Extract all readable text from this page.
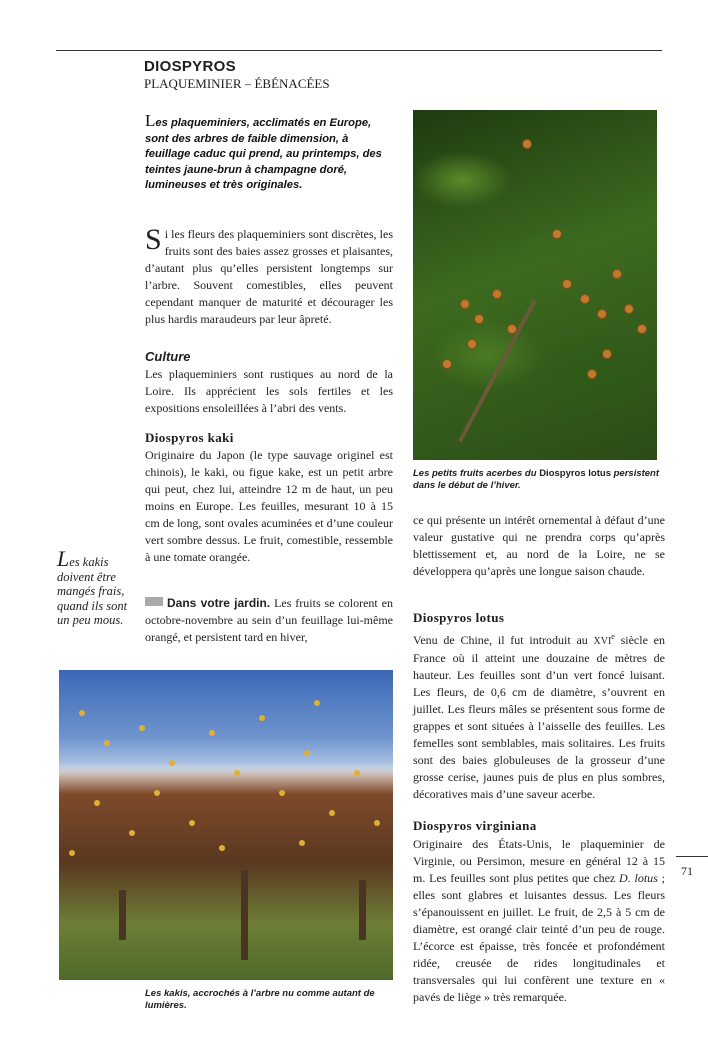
DIOSPYROS
PLAQUEMINIER – ÉBÉNACÉES
Les plaqueminiers, acclimatés en Europe, sont des arbres de faible dimension, à feuillage caduc qui prend, au printemps, des teintes jaune-brun à champagne doré, lumineuses et très originales.
Si les fleurs des plaqueminiers sont discrètes, les fruits sont des baies assez grosses et plaisantes, d’autant plus qu’elles persistent longtemps sur l’arbre. Souvent comestibles, elles peuvent cependant manquer de maturité et décourager les plus hardis maraudeurs par leur âpreté.
Culture
Les plaqueminiers sont rustiques au nord de la Loire. Ils apprécient les sols fertiles et les expositions ensoleillées à l’abri des vents.
Diospyros kaki
Originaire du Japon (le type sauvage originel est chinois), le kaki, ou figue kake, est un petit arbre qui peut, chez lui, atteindre 12 m de haut, un peu moins en Europe. Les feuilles, mesurant 10 à 15 cm de long, sont ovales acuminées et d’une couleur vert sombre dessus. Le fruit, comestible, ressemble à une tomate orangée.
Dans votre jardin. Les fruits se colorent en octobre-novembre au sein d’un feuillage lui-même orangé, et persistent tard en hiver,
Les kakis doivent être mangés frais, quand ils sont un peu mous.
Les petits fruits acerbes du Diospyros lotus persistent dans le début de l’hiver.
ce qui présente un intérêt ornemental à défaut d’une valeur gustative qui ne prendra corps qu’après blettissement et, au nord de la Loire, ne se développera qu’après une longue saison chaude.
Diospyros lotus
Venu de Chine, il fut introduit au XVIe siècle en France où il atteint une douzaine de mètres de hauteur. Les feuilles sont d’un vert foncé luisant. Les fleurs, de 0,6 cm de diamètre, s’ouvrent en juillet. Les fleurs mâles se présentent sous forme de grappes et sont situées à l’aisselle des feuilles. Les femelles sont semblables, mais solitaires. Les fruits sont des baies globuleuses de la grosseur d’une grosse cerise, jaunes puis de plus en plus sombres, décoratives mais d’une saveur acerbe.
Diospyros virginiana
Originaire des États-Unis, le plaqueminier de Virginie, ou Persimon, mesure en général 12 à 15 m. Les feuilles sont plus petites que chez D. lotus ; elles sont glabres et luisantes dessus. Les fleurs s’épanouissent en juillet. Le fruit, de 2,5 à 5 cm de diamètre, est orangé clair teinté d’un peu de rouge. L’écorce est épaisse, très foncée et profondément ridée, creusée de rides longitudinales et transversales qui lui confèrent une texture en « pavés de liège » très remarquée.
Les kakis, accrochés à l’arbre nu comme autant de lumières.
71
